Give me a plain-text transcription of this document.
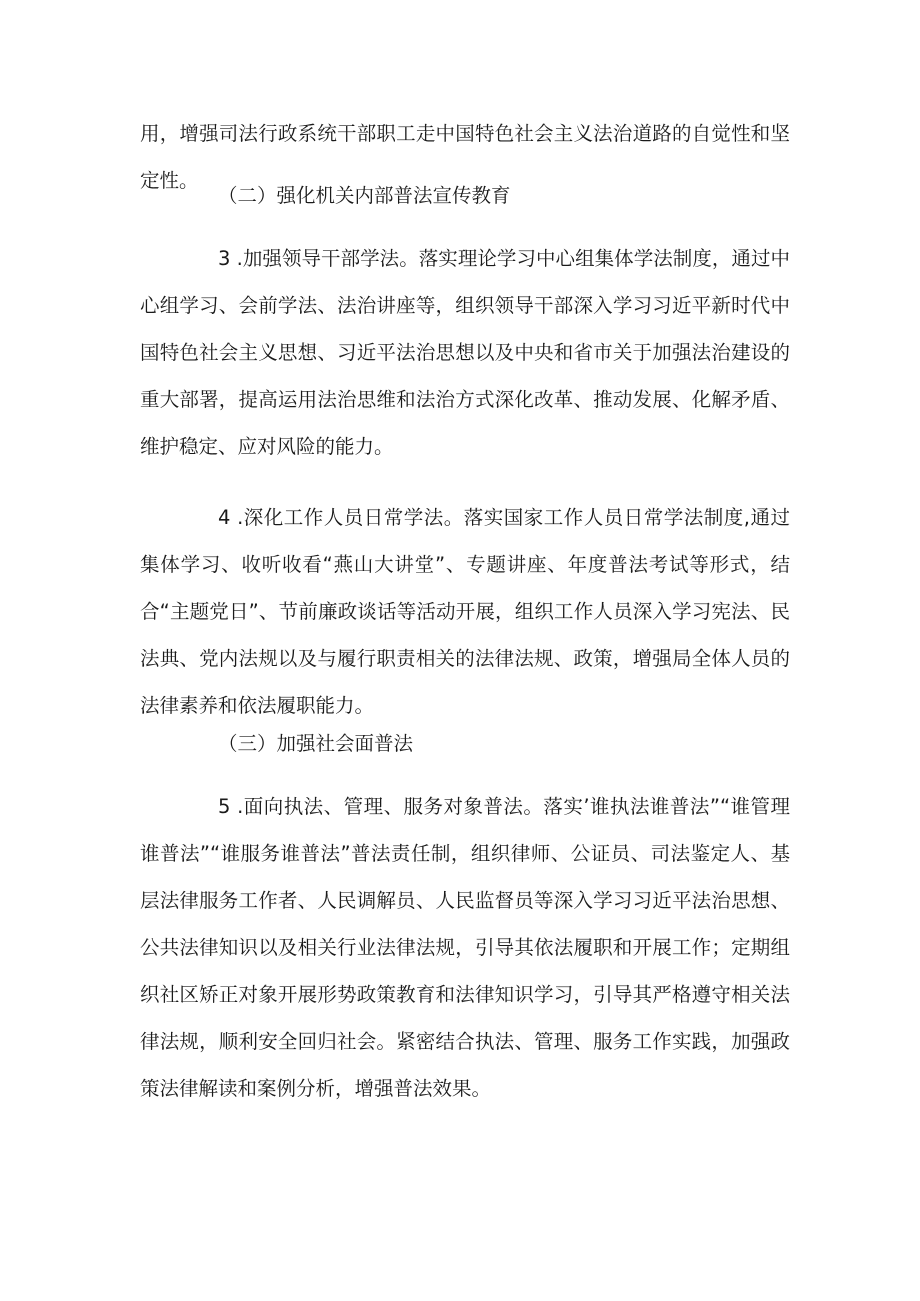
用，增强司法行政系统干部职工走中国特色社会主义法治道路的自觉性和坚定性。

（二）强化机关内部普法宣传教育

3 .加强领导干部学法。落实理论学习中心组集体学法制度，通过中心组学习、会前学法、法治讲座等，组织领导干部深入学习习近平新时代中国特色社会主义思想、习近平法治思想以及中央和省市关于加强法治建设的重大部署，提高运用法治思维和法治方式深化改革、推动发展、化解矛盾、维护稳定、应对风险的能力。

4 .深化工作人员日常学法。落实国家工作人员日常学法制度,通过集体学习、收听收看“燕山大讲堂”、专题讲座、年度普法考试等形式，结合“主题党日”、节前廉政谈话等活动开展，组织工作人员深入学习宪法、民法典、党内法规以及与履行职责相关的法律法规、政策，增强局全体人员的法律素养和依法履职能力。

（三）加强社会面普法

5 .面向执法、管理、服务对象普法。落实’谁执法谁普法”“谁管理谁普法”“谁服务谁普法”普法责任制，组织律师、公证员、司法鉴定人、基层法律服务工作者、人民调解员、人民监督员等深入学习习近平法治思想、公共法律知识以及相关行业法律法规，引导其依法履职和开展工作；定期组织社区矫正对象开展形势政策教育和法律知识学习，引导其严格遵守相关法律法规，顺利安全回归社会。紧密结合执法、管理、服务工作实践，加强政策法律解读和案例分析，增强普法效果。
